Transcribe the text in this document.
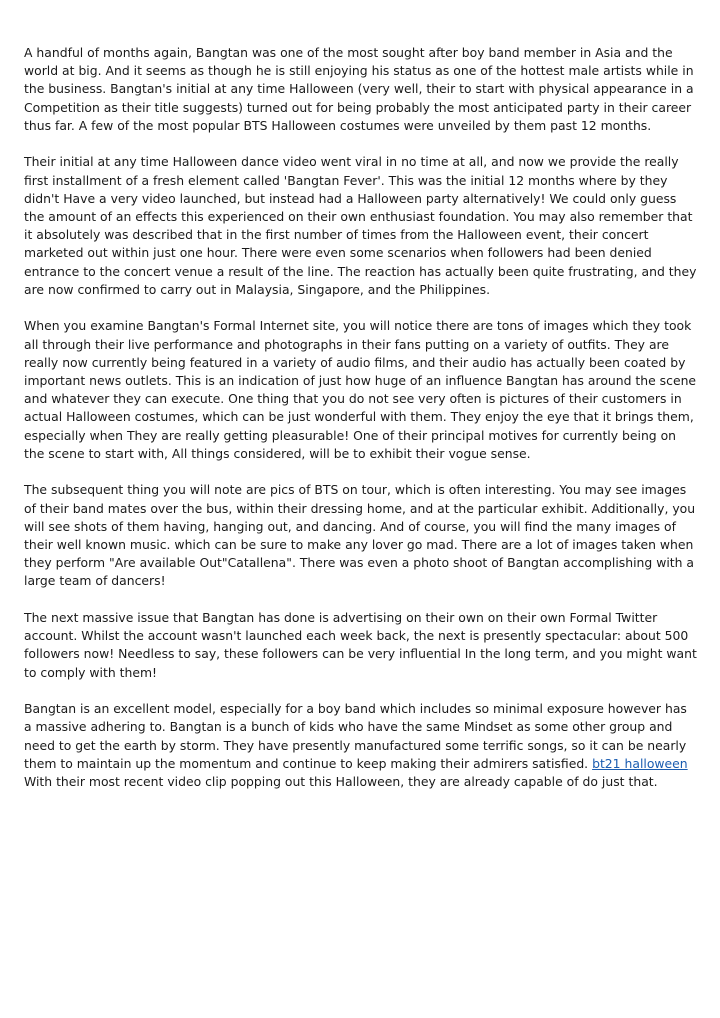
A handful of months again, Bangtan was one of the most sought after boy band member in Asia and the world at big. And it seems as though he is still enjoying his status as one of the hottest male artists while in the business. Bangtan's initial at any time Halloween (very well, their to start with physical appearance in a Competition as their title suggests) turned out for being probably the most anticipated party in their career thus far. A few of the most popular BTS Halloween costumes were unveiled by them past 12 months.

Their initial at any time Halloween dance video went viral in no time at all, and now we provide the really first installment of a fresh element called 'Bangtan Fever'. This was the initial 12 months where by they didn't Have a very video launched, but instead had a Halloween party alternatively! We could only guess the amount of an effects this experienced on their own enthusiast foundation. You may also remember that it absolutely was described that in the first number of times from the Halloween event, their concert marketed out within just one hour. There were even some scenarios when followers had been denied entrance to the concert venue a result of the line. The reaction has actually been quite frustrating, and they are now confirmed to carry out in Malaysia, Singapore, and the Philippines.

When you examine Bangtan's Formal Internet site, you will notice there are tons of images which they took all through their live performance and photographs in their fans putting on a variety of outfits. They are really now currently being featured in a variety of audio films, and their audio has actually been coated by important news outlets. This is an indication of just how huge of an influence Bangtan has around the scene and whatever they can execute. One thing that you do not see very often is pictures of their customers in actual Halloween costumes, which can be just wonderful with them. They enjoy the eye that it brings them, especially when They are really getting pleasurable! One of their principal motives for currently being on the scene to start with, All things considered, will be to exhibit their vogue sense.

The subsequent thing you will note are pics of BTS on tour, which is often interesting. You may see images of their band mates over the bus, within their dressing home, and at the particular exhibit. Additionally, you will see shots of them having, hanging out, and dancing. And of course, you will find the many images of their well known music. which can be sure to make any lover go mad. There are a lot of images taken when they perform "Are available Out"Catallena". There was even a photo shoot of Bangtan accomplishing with a large team of dancers!

The next massive issue that Bangtan has done is advertising on their own on their own Formal Twitter account. Whilst the account wasn't launched each week back, the next is presently spectacular: about 500 followers now! Needless to say, these followers can be very influential In the long term, and you might want to comply with them!

Bangtan is an excellent model, especially for a boy band which includes so minimal exposure however has a massive adhering to. Bangtan is a bunch of kids who have the same Mindset as some other group and need to get the earth by storm. They have presently manufactured some terrific songs, so it can be nearly them to maintain up the momentum and continue to keep making their admirers satisfied. bt21 halloween With their most recent video clip popping out this Halloween, they are already capable of do just that.
